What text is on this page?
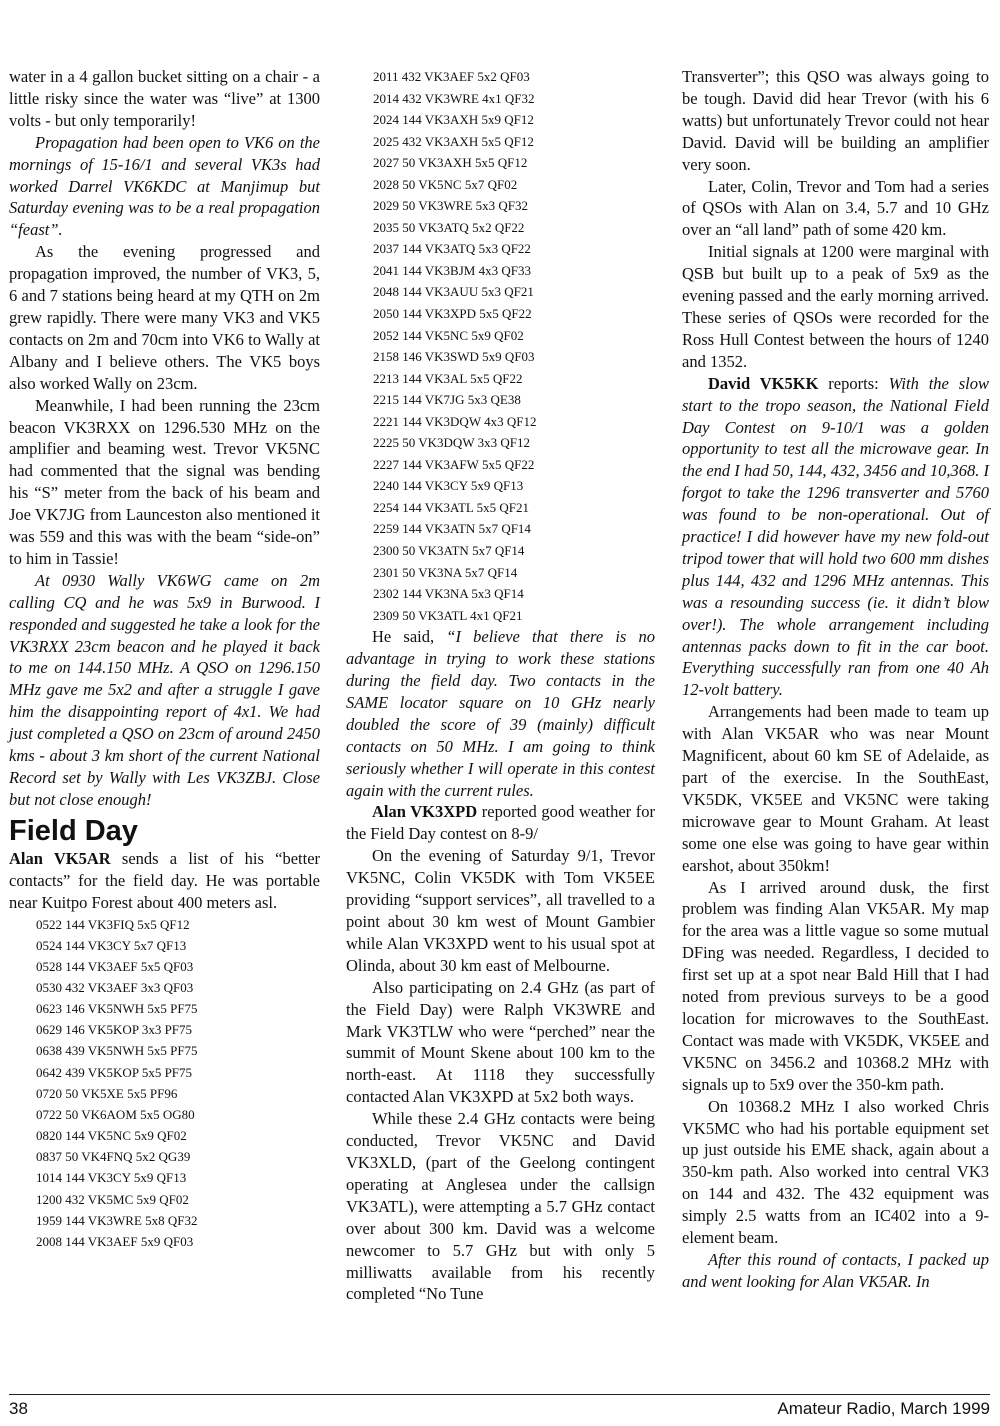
water in a 4 gallon bucket sitting on a chair - a little risky since the water was “live” at 1300 volts - but only temporarily!

Propagation had been open to VK6 on the mornings of 15-16/1 and several VK3s had worked Darrel VK6KDC at Manjimup but Saturday evening was to be a real propagation “feast”.

As the evening progressed and propagation improved, the number of VK3, 5, 6 and 7 stations being heard at my QTH on 2m grew rapidly. There were many VK3 and VK5 contacts on 2m and 70cm into VK6 to Wally at Albany and I believe others. The VK5 boys also worked Wally on 23cm.

Meanwhile, I had been running the 23cm beacon VK3RXX on 1296.530 MHz on the amplifier and beaming west. Trevor VK5NC had commented that the signal was bending his “S” meter from the back of his beam and Joe VK7JG from Launceston also mentioned it was 559 and this was with the beam “side-on” to him in Tassie!

At 0930 Wally VK6WG came on 2m calling CQ and he was 5x9 in Burwood. I responded and suggested he take a look for the VK3RXX 23cm beacon and he played it back to me on 144.150 MHz. A QSO on 1296.150 MHz gave me 5x2 and after a struggle I gave him the disappointing report of 4x1. We had just completed a QSO on 23cm of around 2450 kms - about 3 km short of the current National Record set by Wally with Les VK3ZBJ. Close but not close enough!

Field Day

Alan VK5AR sends a list of his “better contacts” for the field day. He was portable near Kuitpo Forest about 400 meters asl.

0522 144 VK3FIQ 5x5 QF12
0524 144 VK3CY 5x7 QF13
0528 144 VK3AEF 5x5 QF03
0530 432 VK3AEF 3x3 QF03
0623 146 VK5NWH 5x5 PF75
0629 146 VK5KOP 3x3 PF75
0638 439 VK5NWH 5x5 PF75
0642 439 VK5KOP 5x5 PF75
0720 50 VK5XE 5x5 PF96
0722 50 VK6AOM 5x5 OG80
0820 144 VK5NC 5x9 QF02
0837 50 VK4FNQ 5x2 QG39
1014 144 VK3CY 5x9 QF13
1200 432 VK5MC 5x9 QF02
1959 144 VK3WRE 5x8 QF32
2008 144 VK3AEF 5x9 QF03
2011 432 VK3AEF 5x2 QF03
2014 432 VK3WRE 4x1 QF32
2024 144 VK3AXH 5x9 QF12
2025 432 VK3AXH 5x5 QF12
2027 50 VK3AXH 5x5 QF12
2028 50 VK5NC 5x7 QF02
2029 50 VK3WRE 5x3 QF32
2035 50 VK3ATQ 5x2 QF22
2037 144 VK3ATQ 5x3 QF22
2041 144 VK3BJM 4x3 QF33
2048 144 VK3AUU 5x3 QF21
2050 144 VK3XPD 5x5 QF22
2052 144 VK5NC 5x9 QF02
2158 146 VK3SWD 5x9 QF03
2213 144 VK3AL 5x5 QF22
2215 144 VK7JG 5x3 QE38
2221 144 VK3DQW 4x3 QF12
2225 50 VK3DQW 3x3 QF12
2227 144 VK3AFW 5x5 QF22
2240 144 VK3CY 5x9 QF13
2254 144 VK3ATL 5x5 QF21
2259 144 VK3ATN 5x7 QF14
2300 50 VK3ATN 5x7 QF14
2301 50 VK3NA 5x7 QF14
2302 144 VK3NA 5x3 QF14
2309 50 VK3ATL 4x1 QF21

He said, “I believe that there is no advantage in trying to work these stations during the field day. Two contacts in the SAME locator square on 10 GHz nearly doubled the score of 39 (mainly) difficult contacts on 50 MHz. I am going to think seriously whether I will operate in this contest again with the current rules.

Alan VK3XPD reported good weather for the Field Day contest on 8-9/

On the evening of Saturday 9/1, Trevor VK5NC, Colin VK5DK with Tom VK5EE providing “support services”, all travelled to a point about 30 km west of Mount Gambier while Alan VK3XPD went to his usual spot at Olinda, about 30 km east of Melbourne.

Also participating on 2.4 GHz (as part of the Field Day) were Ralph VK3WRE and Mark VK3TLW who were “perched” near the summit of Mount Skene about 100 km to the north-east. At 1118 they successfully contacted Alan VK3XPD at 5x2 both ways.

While these 2.4 GHz contacts were being conducted, Trevor VK5NC and David VK3XLD, (part of the Geelong contingent operating at Anglesea under the callsign VK3ATL), were attempting a 5.7 GHz contact over about 300 km. David was a welcome newcomer to 5.7 GHz but with only 5 milliwatts available from his recently completed “No Tune

Transverter”; this QSO was always going to be tough. David did hear Trevor (with his 6 watts) but unfortunately Trevor could not hear David. David will be building an amplifier very soon.

Later, Colin, Trevor and Tom had a series of QSOs with Alan on 3.4, 5.7 and 10 GHz over an “all land” path of some 420 km.

Initial signals at 1200 were marginal with QSB but built up to a peak of 5x9 as the evening passed and the early morning arrived. These series of QSOs were recorded for the Ross Hull Contest between the hours of 1240 and 1352.

David VK5KK reports: With the slow start to the tropo season, the National Field Day Contest on 9-10/1 was a golden opportunity to test all the microwave gear. In the end I had 50, 144, 432, 3456 and 10,368. I forgot to take the 1296 transverter and 5760 was found to be non-operational. Out of practice! I did however have my new fold-out tripod tower that will hold two 600 mm dishes plus 144, 432 and 1296 MHz antennas. This was a resounding success (ie. it didn’t blow over!). The whole arrangement including antennas packs down to fit in the car boot. Everything successfully ran from one 40 Ah 12-volt battery.

Arrangements had been made to team up with Alan VK5AR who was near Mount Magnificent, about 60 km SE of Adelaide, as part of the exercise. In the SouthEast, VK5DK, VK5EE and VK5NC were taking microwave gear to Mount Graham. At least some one else was going to have gear within earshot, about 350km!

As I arrived around dusk, the first problem was finding Alan VK5AR. My map for the area was a little vague so some mutual DFing was needed. Regardless, I decided to first set up at a spot near Bald Hill that I had noted from previous surveys to be a good location for microwaves to the SouthEast. Contact was made with VK5DK, VK5EE and VK5NC on 3456.2 and 10368.2 MHz with signals up to 5x9 over the 350-km path.

On 10368.2 MHz I also worked Chris VK5MC who had his portable equipment set up just outside his EME shack, again about a 350-km path. Also worked into central VK3 on 144 and 432. The 432 equipment was simply 2.5 watts from an IC402 into a 9-element beam.

After this round of contacts, I packed up and went looking for Alan VK5AR. In

38	Amateur Radio, March 1999
